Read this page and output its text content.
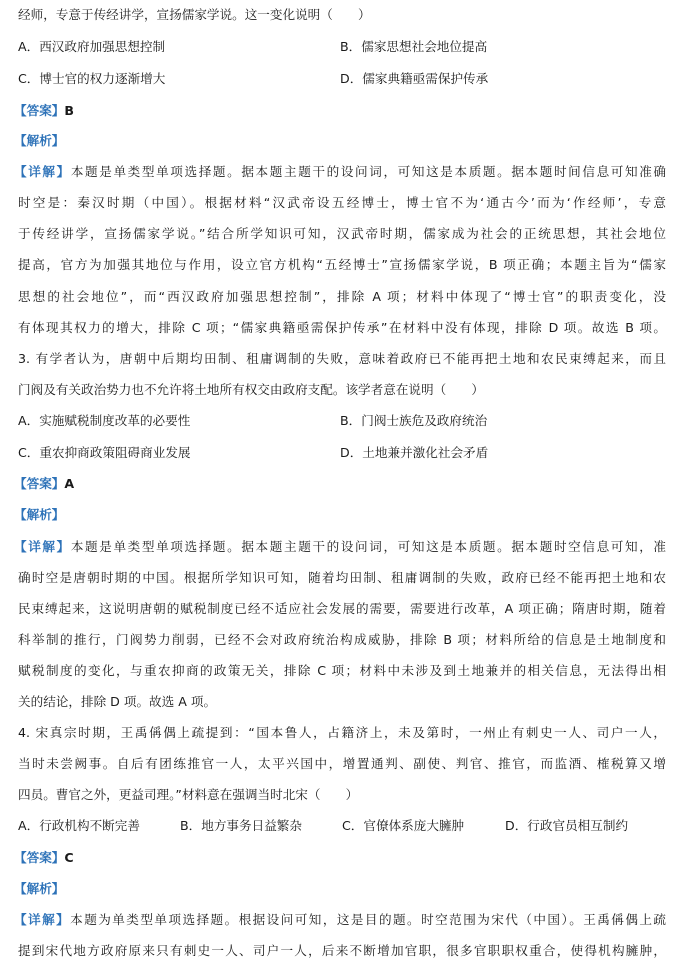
经师，专意于传经讲学，宣扬儒家学说。这一变化说明（　　）
A．西汉政府加强思想控制	B．儒家思想社会地位提高
C．博士官的权力逐渐增大	D．儒家典籍亟需保护传承
【答案】B
【解析】
【详解】本题是单类型单项选择题。据本题主题干的设问词，可知这是本质题。据本题时间信息可知准确
时空是：秦汉时期（中国）。根据材料“汉武帝设五经博士，博士官不为‘通古今’而为‘作经师’，专意
于传经讲学，宣扬儒家学说。”结合所学知识可知，汉武帝时期，儒家成为社会的正统思想，其社会地位
提高，官方为加强其地位与作用，设立官方机构“五经博士”宣扬儒家学说，B 项正确；本题主旨为“儒家
思想的社会地位”，而“西汉政府加强思想控制”，排除 A 项；材料中体现了“博士官”的职责变化，没
有体现其权力的增大，排除 C 项；“儒家典籍亟需保护传承”在材料中没有体现，排除 D 项。故选 B 项。
3. 有学者认为，唐朝中后期均田制、租庸调制的失败，意味着政府已不能再把土地和农民束缚起来，而且
门阀及有关政治势力也不允许将土地所有权交由政府支配。该学者意在说明（　　）
A．实施赋税制度改革的必要性	B．门阀士族危及政府统治
C．重农抑商政策阻碍商业发展	D．土地兼并激化社会矛盾
【答案】A
【解析】
【详解】本题是单类型单项选择题。据本题主题干的设问词，可知这是本质题。据本题时空信息可知，准
确时空是唐朝时期的中国。根据所学知识可知，随着均田制、租庸调制的失败，政府已经不能再把土地和农
民束缚起来，这说明唐朝的赋税制度已经不适应社会发展的需要，需要进行改革，A 项正确；隋唐时期，随着
科举制的推行，门阀势力削弱，已经不会对政府统治构成威胁，排除 B 项；材料所给的信息是土地制度和
赋税制度的变化，与重农抑商的政策无关，排除 C 项；材料中未涉及到土地兼并的相关信息，无法得出相
关的结论，排除 D 项。故选 A 项。
4. 宋真宗时期，王禹偁偶上疏提到：“国本鲁人，占籍济上，未及第时，一州止有刺史一人、司户一人，
当时未尝阙事。自后有团练推官一人，太平兴国中，增置通判、副使、判官、推官，而监酒、榷税算又增
四员。曹官之外，更益司理。”材料意在强调当时北宋（　　）
A．行政机构不断完善	B．地方事务日益繁杂	C．官僚体系庞大臃肿	D．行政官员相互制约
【答案】C
【解析】
【详解】本题为单类型单项选择题。根据设问可知，这是目的题。时空范围为宋代（中国）。王禹偁偶上疏
提到宋代地方政府原来只有刺史一人、司户一人，后来不断增加官职，很多官职职权重合，使得机构臃肿，
